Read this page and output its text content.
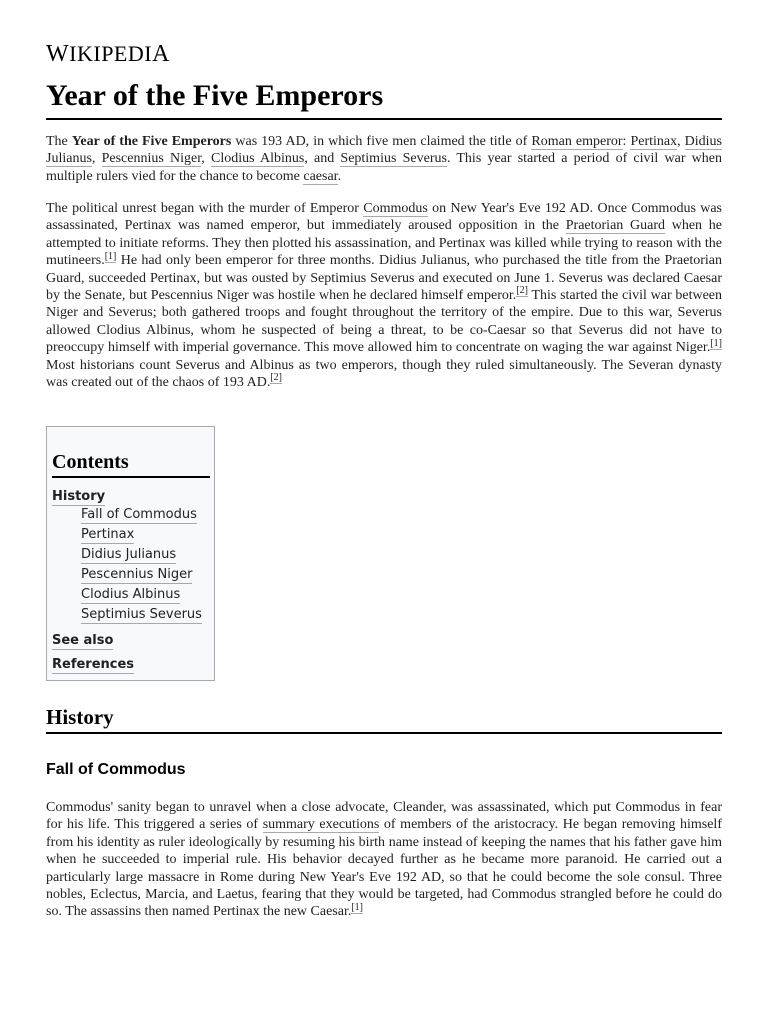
WIKIPEDIA
Year of the Five Emperors

The Year of the Five Emperors was 193 AD, in which five men claimed the title of Roman emperor: Pertinax, Didius Julianus, Pescennius Niger, Clodius Albinus, and Septimius Severus. This year started a period of civil war when multiple rulers vied for the chance to become caesar.

The political unrest began with the murder of Emperor Commodus on New Year's Eve 192 AD. Once Commodus was assassinated, Pertinax was named emperor, but immediately aroused opposition in the Praetorian Guard when he attempted to initiate reforms. They then plotted his assassination, and Pertinax was killed while trying to reason with the mutineers.[1] He had only been emperor for three months. Didius Julianus, who purchased the title from the Praetorian Guard, succeeded Pertinax, but was ousted by Septimius Severus and executed on June 1. Severus was declared Caesar by the Senate, but Pescennius Niger was hostile when he declared himself emperor.[2] This started the civil war between Niger and Severus; both gathered troops and fought throughout the territory of the empire. Due to this war, Severus allowed Clodius Albinus, whom he suspected of being a threat, to be co-Caesar so that Severus did not have to preoccupy himself with imperial governance. This move allowed him to concentrate on waging the war against Niger.[1] Most historians count Severus and Albinus as two emperors, though they ruled simultaneously. The Severan dynasty was created out of the chaos of 193 AD.[2]

Contents
History
Fall of Commodus
Pertinax
Didius Julianus
Pescennius Niger
Clodius Albinus
Septimius Severus
See also
References
History
Fall of Commodus

Commodus' sanity began to unravel when a close advocate, Cleander, was assassinated, which put Commodus in fear for his life. This triggered a series of summary executions of members of the aristocracy. He began removing himself from his identity as ruler ideologically by resuming his birth name instead of keeping the names that his father gave him when he succeeded to imperial rule. His behavior decayed further as he became more paranoid. He carried out a particularly large massacre in Rome during New Year's Eve 192 AD, so that he could become the sole consul. Three nobles, Eclectus, Marcia, and Laetus, fearing that they would be targeted, had Commodus strangled before he could do so. The assassins then named Pertinax the new Caesar.[1]
